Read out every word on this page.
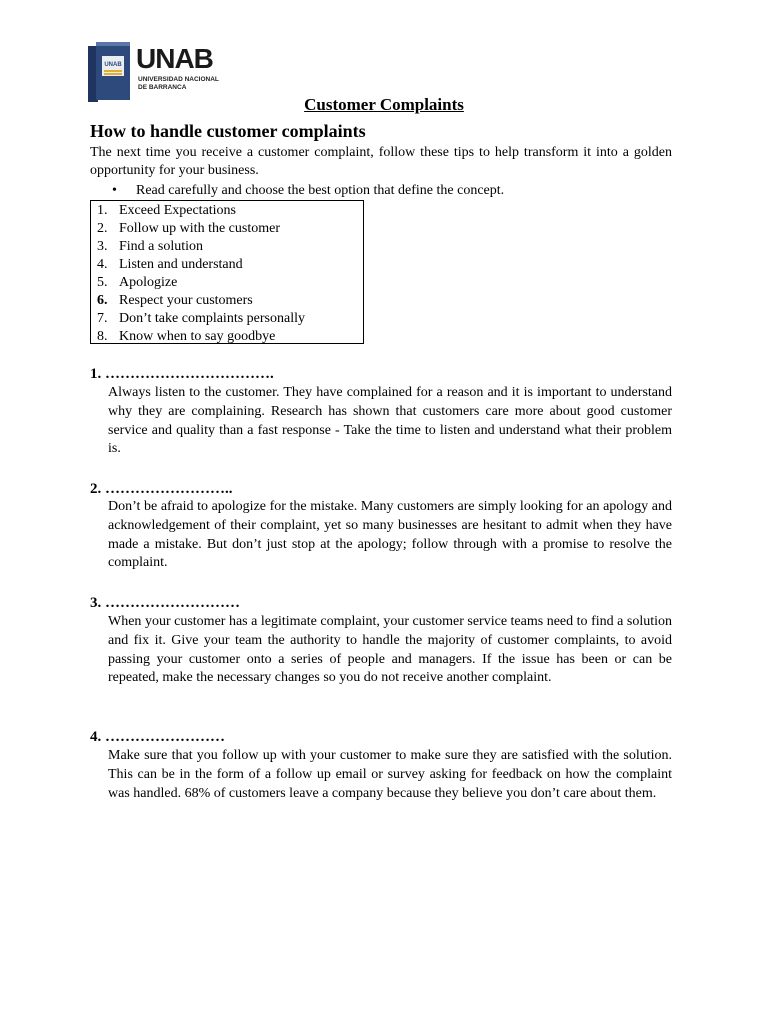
UNAB UNAB
UNIVERSIDAD NACIONAL
DE BARRANCA
Customer Complaints
How to handle customer complaints
The next time you receive a customer complaint, follow these tips to help transform it into a golden opportunity for your business.
• Read carefully and choose the best option that define the concept.
1. Exceed Expectations
2. Follow up with the customer
3. Find a solution
4. Listen and understand
5. Apologize
6. Respect your customers
7. Don’t take complaints personally
8. Know when to say goodbye
1. …………………………….
Always listen to the customer. They have complained for a reason and it is important to understand why they are complaining. Research has shown that customers care more about good customer service and quality than a fast response - Take the time to listen and understand what their problem is.
2. ……………………..
Don’t be afraid to apologize for the mistake. Many customers are simply looking for an apology and acknowledgement of their complaint, yet so many businesses are hesitant to admit when they have made a mistake. But don’t just stop at the apology; follow through with a promise to resolve the complaint.
3. ………………………
When your customer has a legitimate complaint, your customer service teams need to find a solution and fix it. Give your team the authority to handle the majority of customer complaints, to avoid passing your customer onto a series of people and managers. If the issue has been or can be repeated, make the necessary changes so you do not receive another complaint.
4. ……………………
Make sure that you follow up with your customer to make sure they are satisfied with the solution. This can be in the form of a follow up email or survey asking for feedback on how the complaint was handled. 68% of customers leave a company because they believe you don’t care about them.
